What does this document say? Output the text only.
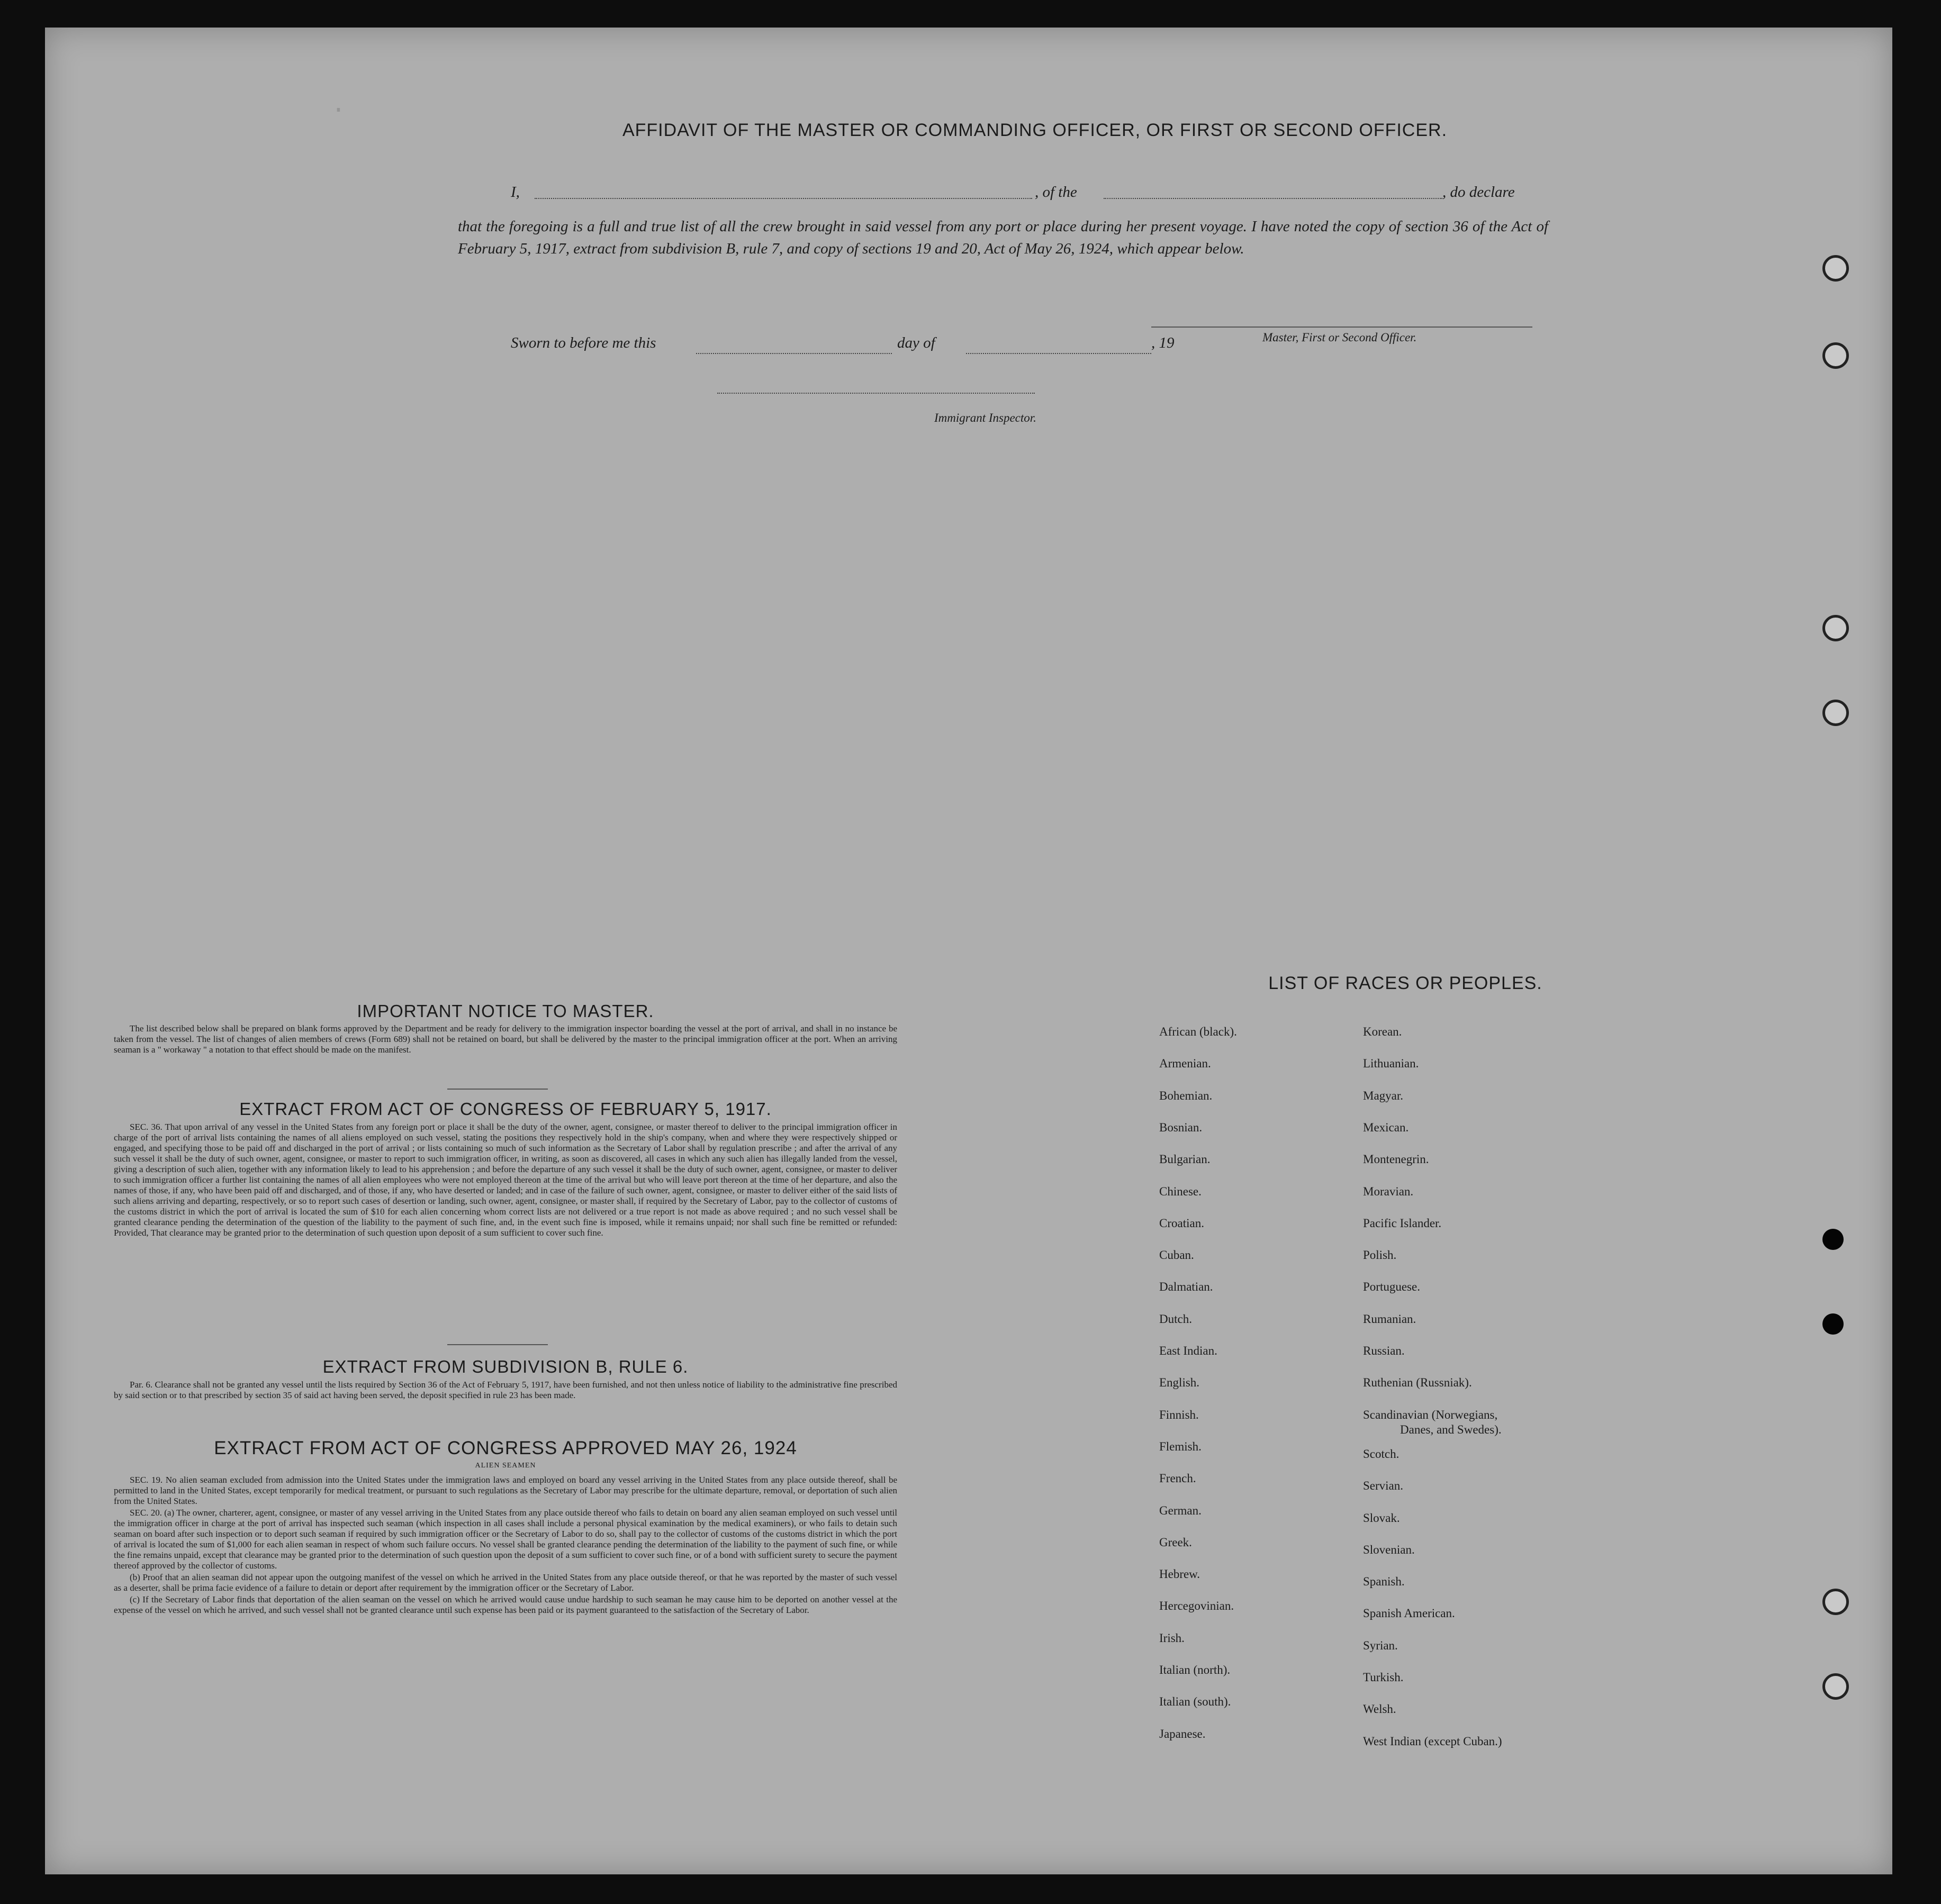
·
AFFIDAVIT OF THE MASTER OR COMMANDING OFFICER, OR FIRST OR SECOND OFFICER.
I,	, of the	, do declare
that the foregoing is a full and true list of all the crew brought in said vessel from any port or place during her present voyage. I have noted the copy of section 36 of the Act of February 5, 1917, extract from subdivision B, rule 7, and copy of sections 19 and 20, Act of May 26, 1924, which appear below.
Master, First or Second Officer.
Sworn to before me this	day of	, 19
Immigrant Inspector.
IMPORTANT NOTICE TO MASTER.

The list described below shall be prepared on blank forms approved by the Department and be ready for delivery to the immigration inspector boarding the vessel at the port of arrival, and shall in no instance be taken from the vessel. The list of changes of alien members of crews (Form 689) shall not be retained on board, but shall be delivered by the master to the principal immigration officer at the port. When an arriving seaman is a " workaway " a notation to that effect should be made on the manifest.

EXTRACT FROM ACT OF CONGRESS OF FEBRUARY 5, 1917.

SEC. 36. That upon arrival of any vessel in the United States from any foreign port or place it shall be the duty of the owner, agent, consignee, or master thereof to deliver to the principal immigration officer in charge of the port of arrival lists containing the names of all aliens employed on such vessel, stating the positions they respectively hold in the ship's company, when and where they were respectively shipped or engaged, and specifying those to be paid off and discharged in the port of arrival ; or lists containing so much of such information as the Secretary of Labor shall by regulation prescribe ; and after the arrival of any such vessel it shall be the duty of such owner, agent, consignee, or master to report to such immigration officer, in writing, as soon as discovered, all cases in which any such alien has illegally landed from the vessel, giving a description of such alien, together with any information likely to lead to his apprehension ; and before the departure of any such vessel it shall be the duty of such owner, agent, consignee, or master to deliver to such immigration officer a further list containing the names of all alien employees who were not employed thereon at the time of the arrival but who will leave port thereon at the time of her departure, and also the names of those, if any, who have been paid off and discharged, and of those, if any, who have deserted or landed; and in case of the failure of such owner, agent, consignee, or master to deliver either of the said lists of such aliens arriving and departing, respectively, or so to report such cases of desertion or landing, such owner, agent, consignee, or master shall, if required by the Secretary of Labor, pay to the collector of customs of the customs district in which the port of arrival is located the sum of $10 for each alien concerning whom correct lists are not delivered or a true report is not made as above required ; and no such vessel shall be granted clearance pending the determination of the question of the liability to the payment of such fine, and, in the event such fine is imposed, while it remains unpaid; nor shall such fine be remitted or refunded: Provided, That clearance may be granted prior to the determination of such question upon deposit of a sum sufficient to cover such fine.

EXTRACT FROM SUBDIVISION B, RULE 6.

Par. 6. Clearance shall not be granted any vessel until the lists required by Section 36 of the Act of February 5, 1917, have been furnished, and not then unless notice of liability to the administrative fine prescribed by said section or to that prescribed by section 35 of said act having been served, the deposit specified in rule 23 has been made.

EXTRACT FROM ACT OF CONGRESS APPROVED MAY 26, 1924
ALIEN SEAMEN

SEC. 19. No alien seaman excluded from admission into the United States under the immigration laws and employed on board any vessel arriving in the United States from any place outside thereof, shall be permitted to land in the United States, except temporarily for medical treatment, or pursuant to such regulations as the Secretary of Labor may prescribe for the ultimate departure, removal, or deportation of such alien from the United States.

SEC. 20. (a) The owner, charterer, agent, consignee, or master of any vessel arriving in the United States from any place outside thereof who fails to detain on board any alien seaman employed on such vessel until the immigration officer in charge at the port of arrival has inspected such seaman (which inspection in all cases shall include a personal physical examination by the medical examiners), or who fails to detain such seaman on board after such inspection or to deport such seaman if required by such immigration officer or the Secretary of Labor to do so, shall pay to the collector of customs of the customs district in which the port of arrival is located the sum of $1,000 for each alien seaman in respect of whom such failure occurs. No vessel shall be granted clearance pending the determination of the liability to the payment of such fine, or while the fine remains unpaid, except that clearance may be granted prior to the determination of such question upon the deposit of a sum sufficient to cover such fine, or of a bond with sufficient surety to secure the payment thereof approved by the collector of customs.

(b) Proof that an alien seaman did not appear upon the outgoing manifest of the vessel on which he arrived in the United States from any place outside thereof, or that he was reported by the master of such vessel as a deserter, shall be prima facie evidence of a failure to detain or deport after requirement by the immigration officer or the Secretary of Labor.

(c) If the Secretary of Labor finds that deportation of the alien seaman on the vessel on which he arrived would cause undue hardship to such seaman he may cause him to be deported on another vessel at the expense of the vessel on which he arrived, and such vessel shall not be granted clearance until such expense has been paid or its payment guaranteed to the satisfaction of the Secretary of Labor.

LIST OF RACES OR PEOPLES.
African (black).
Armenian.
Bohemian.
Bosnian.
Bulgarian.
Chinese.
Croatian.
Cuban.
Dalmatian.
Dutch.
East Indian.
English.
Finnish.
Flemish.
French.
German.
Greek.
Hebrew.
Hercegovinian.
Irish.
Italian (north).
Italian (south).
Japanese.
Korean.
Lithuanian.
Magyar.
Mexican.
Montenegrin.
Moravian.
Pacific Islander.
Polish.
Portuguese.
Rumanian.
Russian.
Ruthenian (Russniak).
Scandinavian (Norwegians,
Danes, and Swedes).
Scotch.
Servian.
Slovak.
Slovenian.
Spanish.
Spanish American.
Syrian.
Turkish.
Welsh.
West Indian (except Cuban.)
